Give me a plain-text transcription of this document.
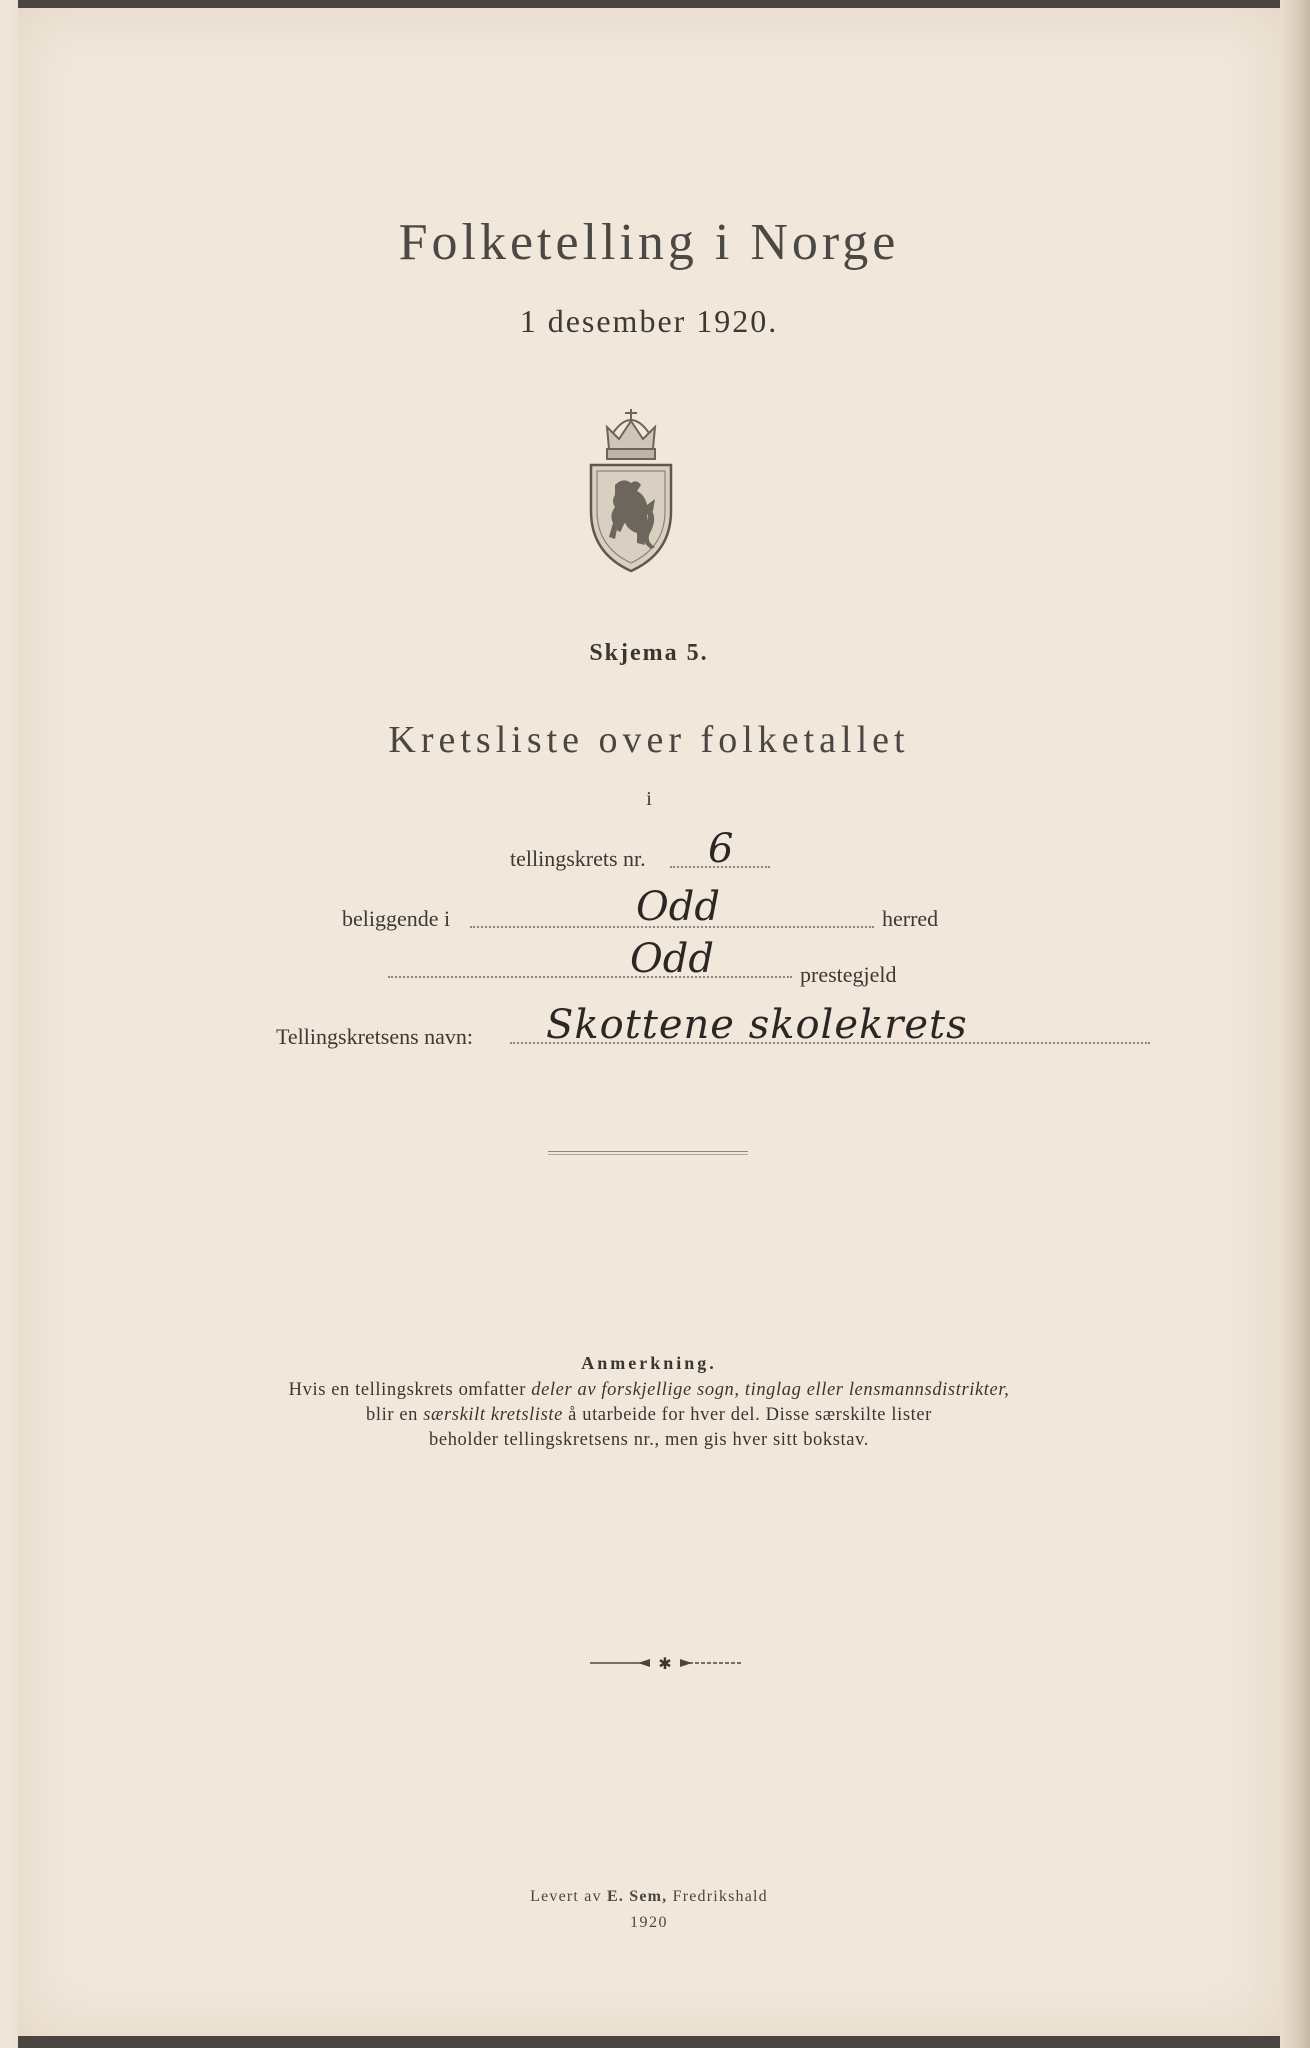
Folketelling i Norge
1 desember 1920.
Skjema 5.
Kretsliste over folketallet
i
tellingskrets nr. 6
beliggende i	Odd	herred
Odd	prestegjeld
Tellingskretsens navn: Skottene skolekrets
Anmerkning.
Hvis en tellingskrets omfatter deler av forskjellige sogn, tinglag eller lensmannsdistrikter,
blir en særskilt kretsliste å utarbeide for hver del. Disse særskilte lister
beholder tellingskretsens nr., men gis hver sitt bokstav.
✱
Levert av E. Sem, Fredrikshald
1920
